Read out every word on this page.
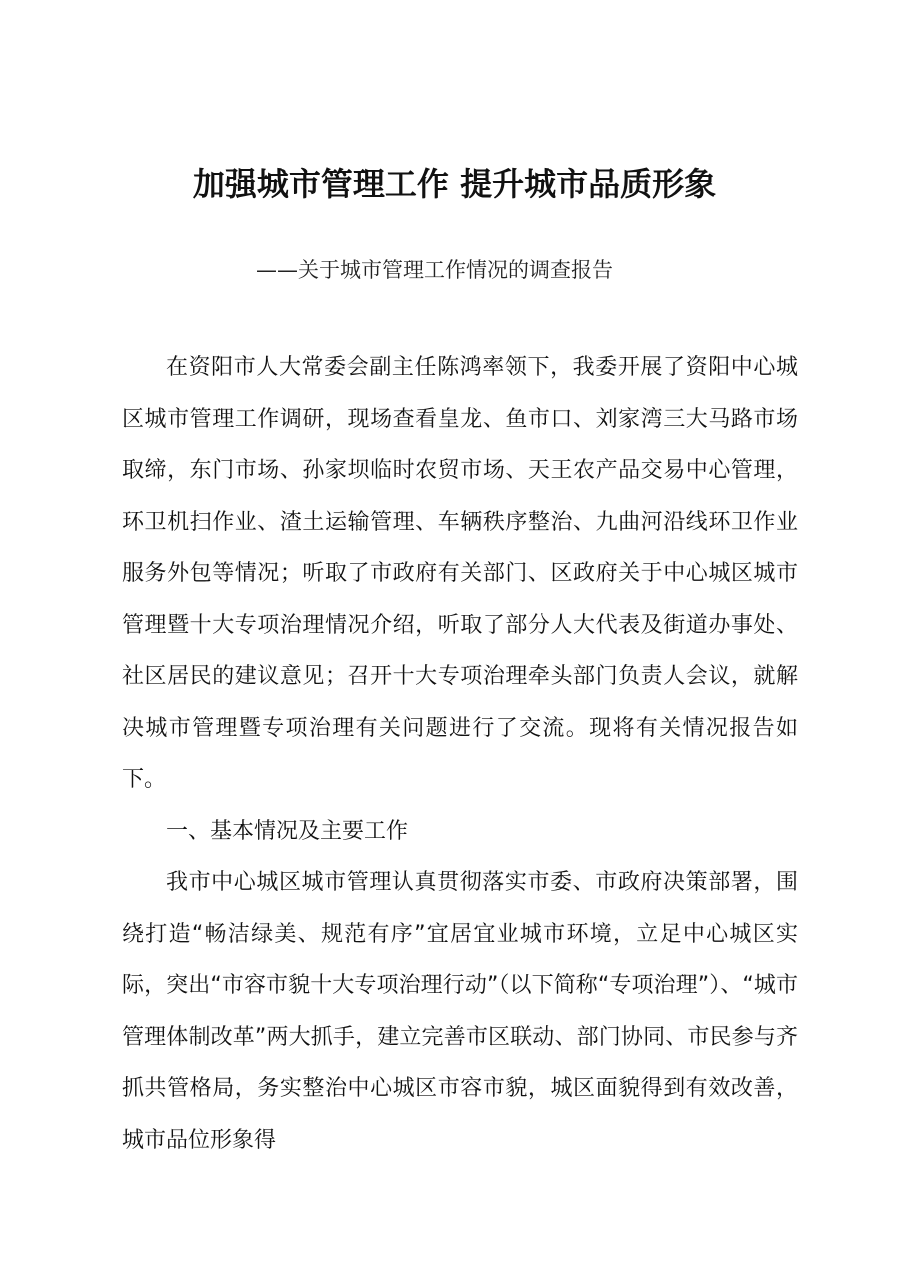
加强城市管理工作 提升城市品质形象
——关于城市管理工作情况的调查报告

在资阳市人大常委会副主任陈鸿率领下，我委开展了资阳中心城区城市管理工作调研，现场查看皇龙、鱼市口、刘家湾三大马路市场取缔，东门市场、孙家坝临时农贸市场、天王农产品交易中心管理，环卫机扫作业、渣土运输管理、车辆秩序整治、九曲河沿线环卫作业服务外包等情况；听取了市政府有关部门、区政府关于中心城区城市管理暨十大专项治理情况介绍，听取了部分人大代表及街道办事处、社区居民的建议意见；召开十大专项治理牵头部门负责人会议，就解决城市管理暨专项治理有关问题进行了交流。现将有关情况报告如下。

一、基本情况及主要工作

我市中心城区城市管理认真贯彻落实市委、市政府决策部署，围绕打造“畅洁绿美、规范有序”宜居宜业城市环境，立足中心城区实际，突出“市容市貌十大专项治理行动”（以下简称“专项治理”）、“城市管理体制改革”两大抓手，建立完善市区联动、部门协同、市民参与齐抓共管格局，务实整治中心城区市容市貌，城区面貌得到有效改善，城市品位形象得
